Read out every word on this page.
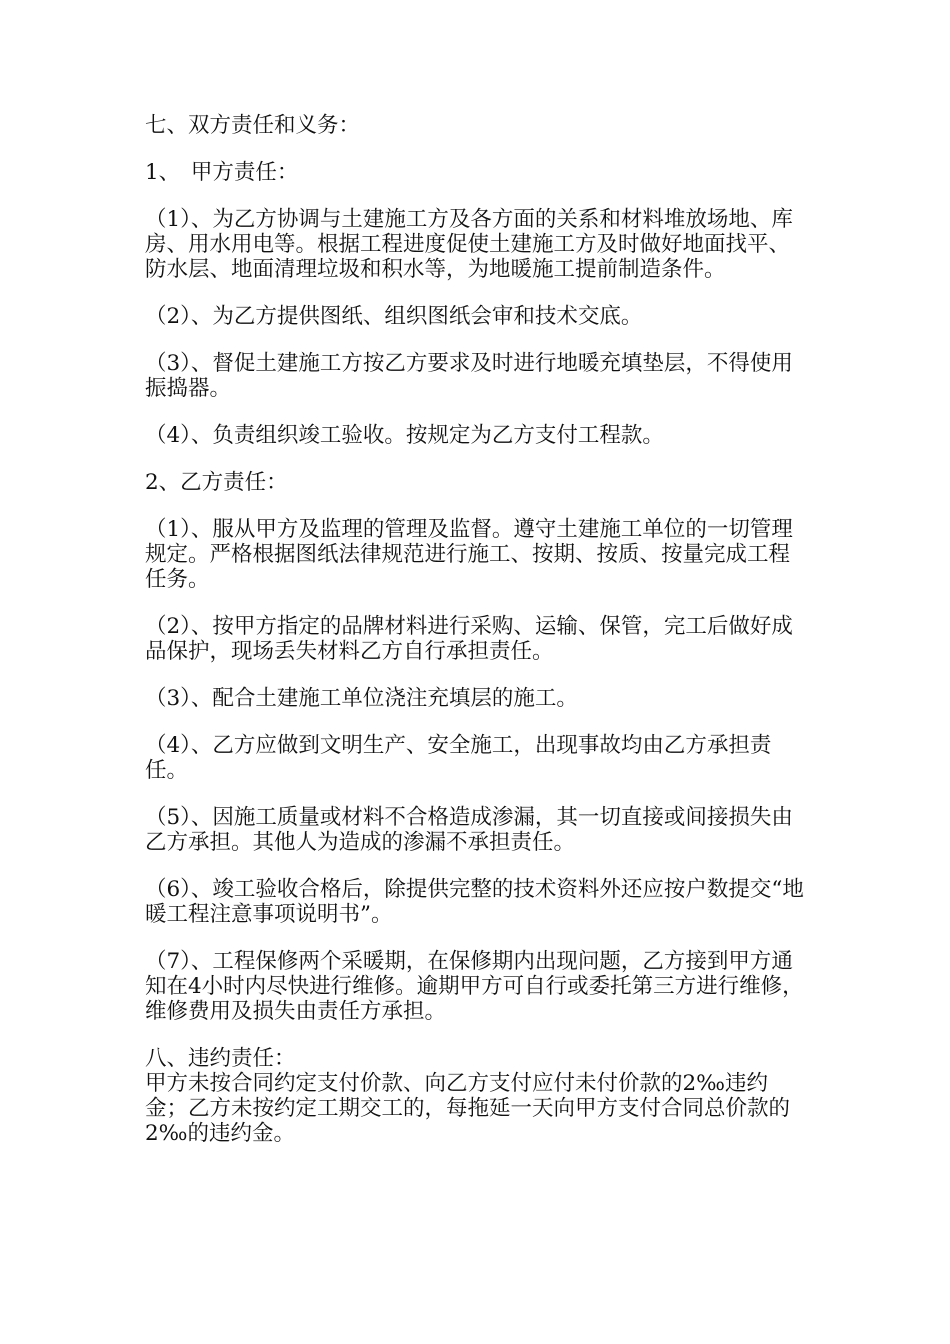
七、双方责任和义务：

1、　甲方责任：

（1）、为乙方协调与土建施工方及各方面的关系和材料堆放场地、库房、用水用电等。根据工程进度促使土建施工方及时做好地面找平、防水层、地面清理垃圾和积水等，为地暖施工提前制造条件。

（2）、为乙方提供图纸、组织图纸会审和技术交底。

（3）、督促土建施工方按乙方要求及时进行地暖充填垫层，不得使用振捣器。

（4）、负责组织竣工验收。按规定为乙方支付工程款。

2、乙方责任：

（1）、服从甲方及监理的管理及监督。遵守土建施工单位的一切管理规定。严格根据图纸法律规范进行施工、按期、按质、按量完成工程任务。

（2）、按甲方指定的品牌材料进行采购、运输、保管，完工后做好成品保护，现场丢失材料乙方自行承担责任。

（3）、配合土建施工单位浇注充填层的施工。

（4）、乙方应做到文明生产、安全施工，出现事故均由乙方承担责任。

（5）、因施工质量或材料不合格造成渗漏，其一切直接或间接损失由乙方承担。其他人为造成的渗漏不承担责任。

（6）、竣工验收合格后，除提供完整的技术资料外还应按户数提交“地暖工程注意事项说明书”。

（7）、工程保修两个采暖期，在保修期内出现问题，乙方接到甲方通知在4小时内尽快进行维修。逾期甲方可自行或委托第三方进行维修，维修费用及损失由责任方承担。

八、违约责任：

甲方未按合同约定支付价款、向乙方支付应付未付价款的2‰违约金；乙方未按约定工期交工的，每拖延一天向甲方支付合同总价款的2‰的违约金。
